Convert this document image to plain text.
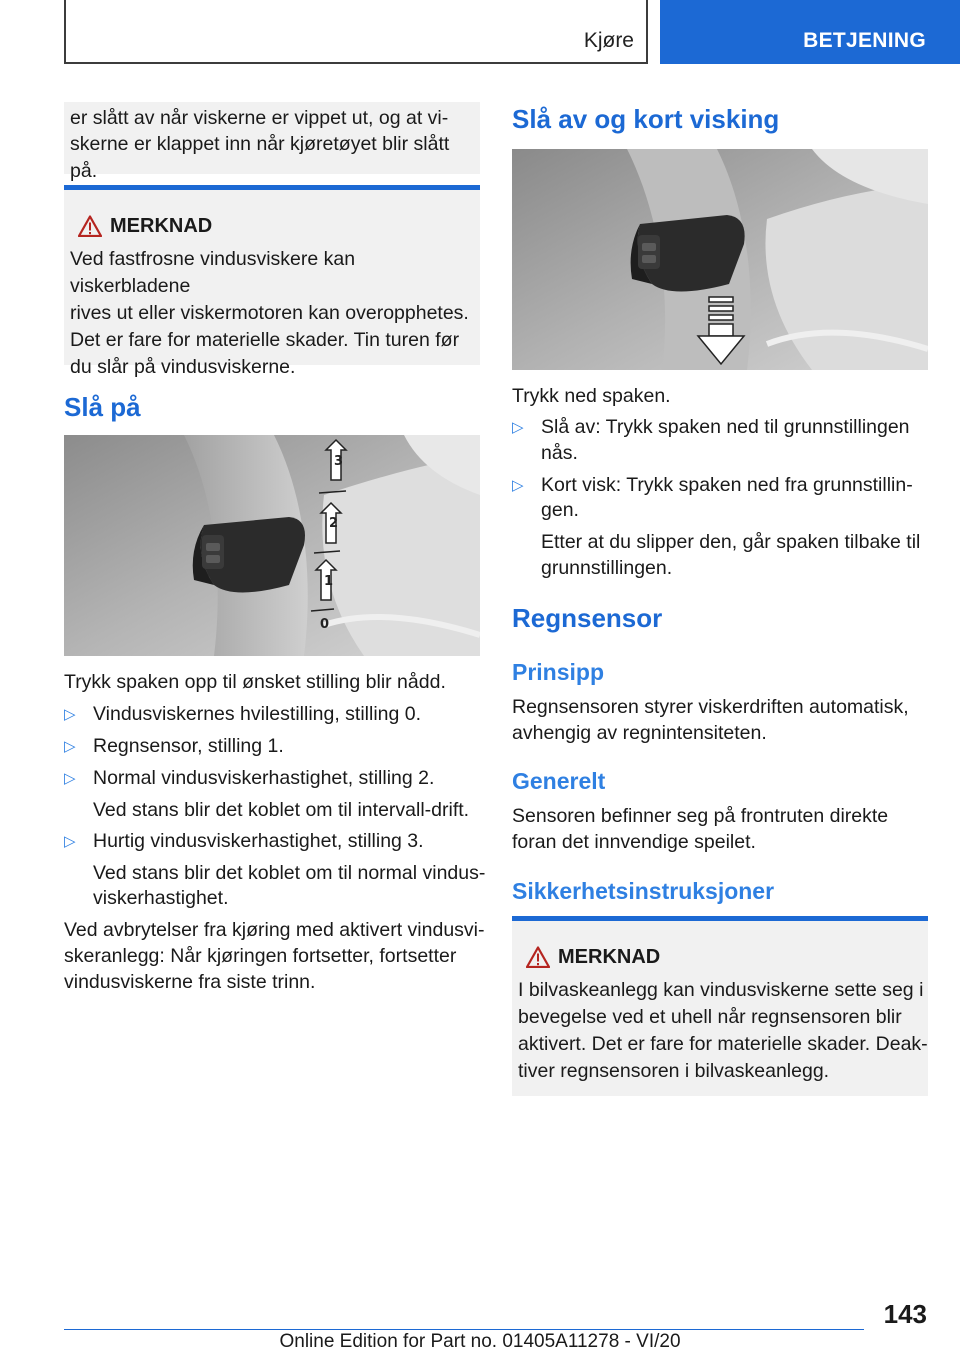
Kjøre	BETJENING
er slått av når viskerne er vippet ut, og at vi-
skerne er klappet inn når kjøretøyet blir slått på.
MERKNAD
Ved fastfrosne vindusviskere kan viskerbladene
rives ut eller viskermotoren kan overopphetes.
Det er fare for materielle skader. Tin turen før
du slår på vindusviskerne.
Slå på
3
2
1
0
Trykk spaken opp til ønsket stilling blir nådd.
▷ Vindusviskernes hvilestilling, stilling 0.
▷ Regnsensor, stilling 1.
▷ Normal vindusviskerhastighet, stilling 2.
Ved stans blir det koblet om til intervall-drift.
▷ Hurtig vindusviskerhastighet, stilling 3.
Ved stans blir det koblet om til normal vindus-
viskerhastighet.
Ved avbrytelser fra kjøring med aktivert vindusvi-
skeranlegg: Når kjøringen fortsetter, fortsetter
vindusviskerne fra siste trinn.
Slå av og kort visking
Trykk ned spaken.
▷ Slå av: Trykk spaken ned til grunnstillingen
nås.
▷ Kort visk: Trykk spaken ned fra grunnstillin-
gen.
Etter at du slipper den, går spaken tilbake til
grunnstillingen.
Regnsensor
Prinsipp
Regnsensoren styrer viskerdriften automatisk,
avhengig av regnintensiteten.
Generelt
Sensoren befinner seg på frontruten direkte
foran det innvendige speilet.
Sikkerhetsinstruksjoner
MERKNAD
I bilvaskeanlegg kan vindusviskerne sette seg i
bevegelse ved et uhell når regnsensoren blir
aktivert. Det er fare for materielle skader. Deak-
tiver regnsensoren i bilvaskeanlegg.
143
Online Edition for Part no. 01405A11278 - VI/20
